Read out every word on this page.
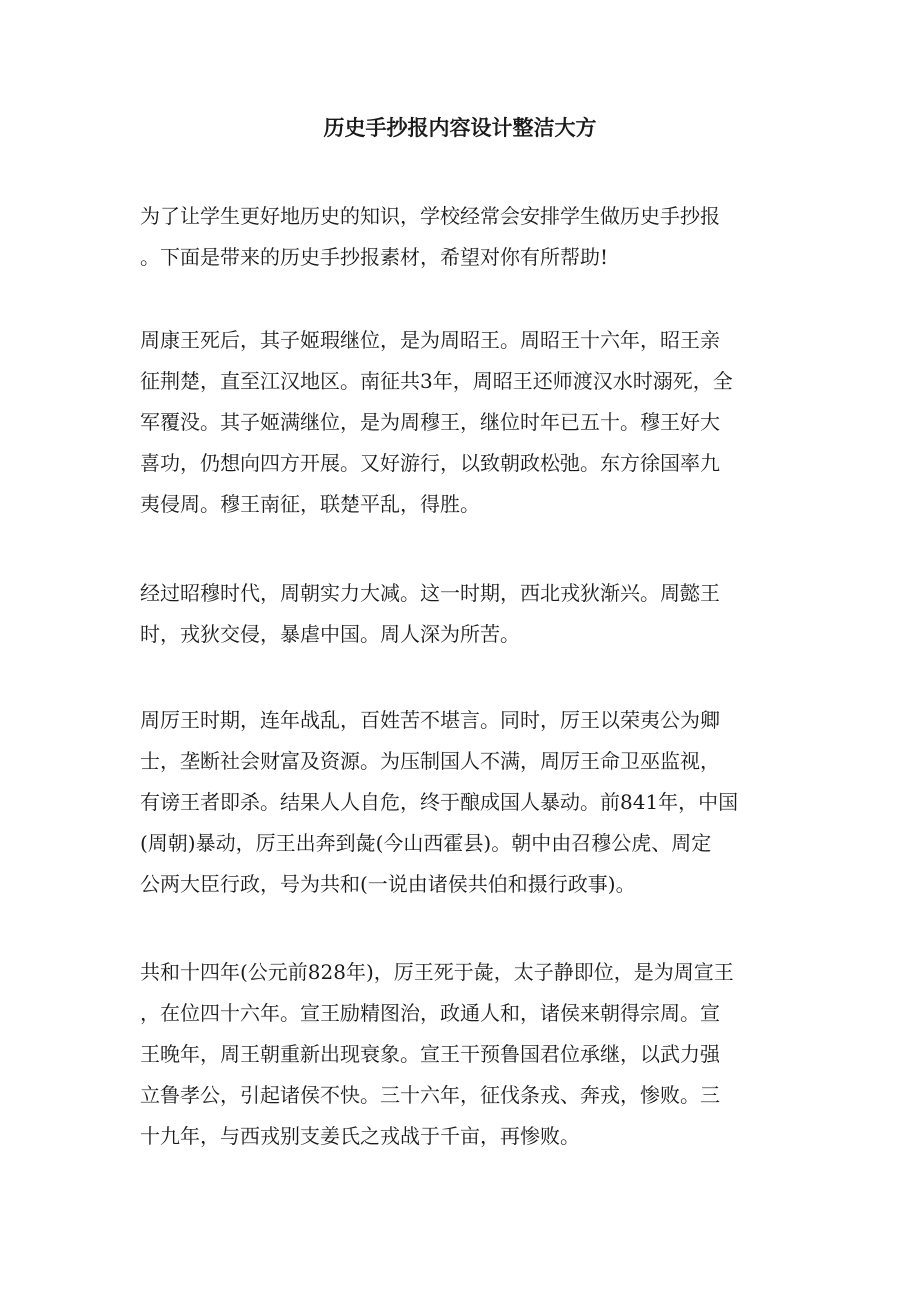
历史手抄报内容设计整洁大方
为了让学生更好地历史的知识，学校经常会安排学生做历史手抄报
。下面是带来的历史手抄报素材，希望对你有所帮助!
周康王死后，其子姬瑕继位，是为周昭王。周昭王十六年，昭王亲
征荆楚，直至江汉地区。南征共3年，周昭王还师渡汉水时溺死，全
军覆没。其子姬满继位，是为周穆王，继位时年已五十。穆王好大
喜功，仍想向四方开展。又好游行，以致朝政松弛。东方徐国率九
夷侵周。穆王南征，联楚平乱，得胜。
经过昭穆时代，周朝实力大减。这一时期，西北戎狄渐兴。周懿王
时，戎狄交侵，暴虐中国。周人深为所苦。
周厉王时期，连年战乱，百姓苦不堪言。同时，厉王以荣夷公为卿
士，垄断社会财富及资源。为压制国人不满，周厉王命卫巫监视，
有谤王者即杀。结果人人自危，终于酿成国人暴动。前841年，中国
(周朝)暴动，厉王出奔到彘(今山西霍县)。朝中由召穆公虎、周定
公两大臣行政，号为共和(一说由诸侯共伯和摄行政事)。
共和十四年(公元前828年)，厉王死于彘，太子静即位，是为周宣王
，在位四十六年。宣王励精图治，政通人和，诸侯来朝得宗周。宣
王晚年，周王朝重新出现衰象。宣王干预鲁国君位承继，以武力强
立鲁孝公，引起诸侯不快。三十六年，征伐条戎、奔戎，惨败。三
十九年，与西戎别支姜氏之戎战于千亩，再惨败。
